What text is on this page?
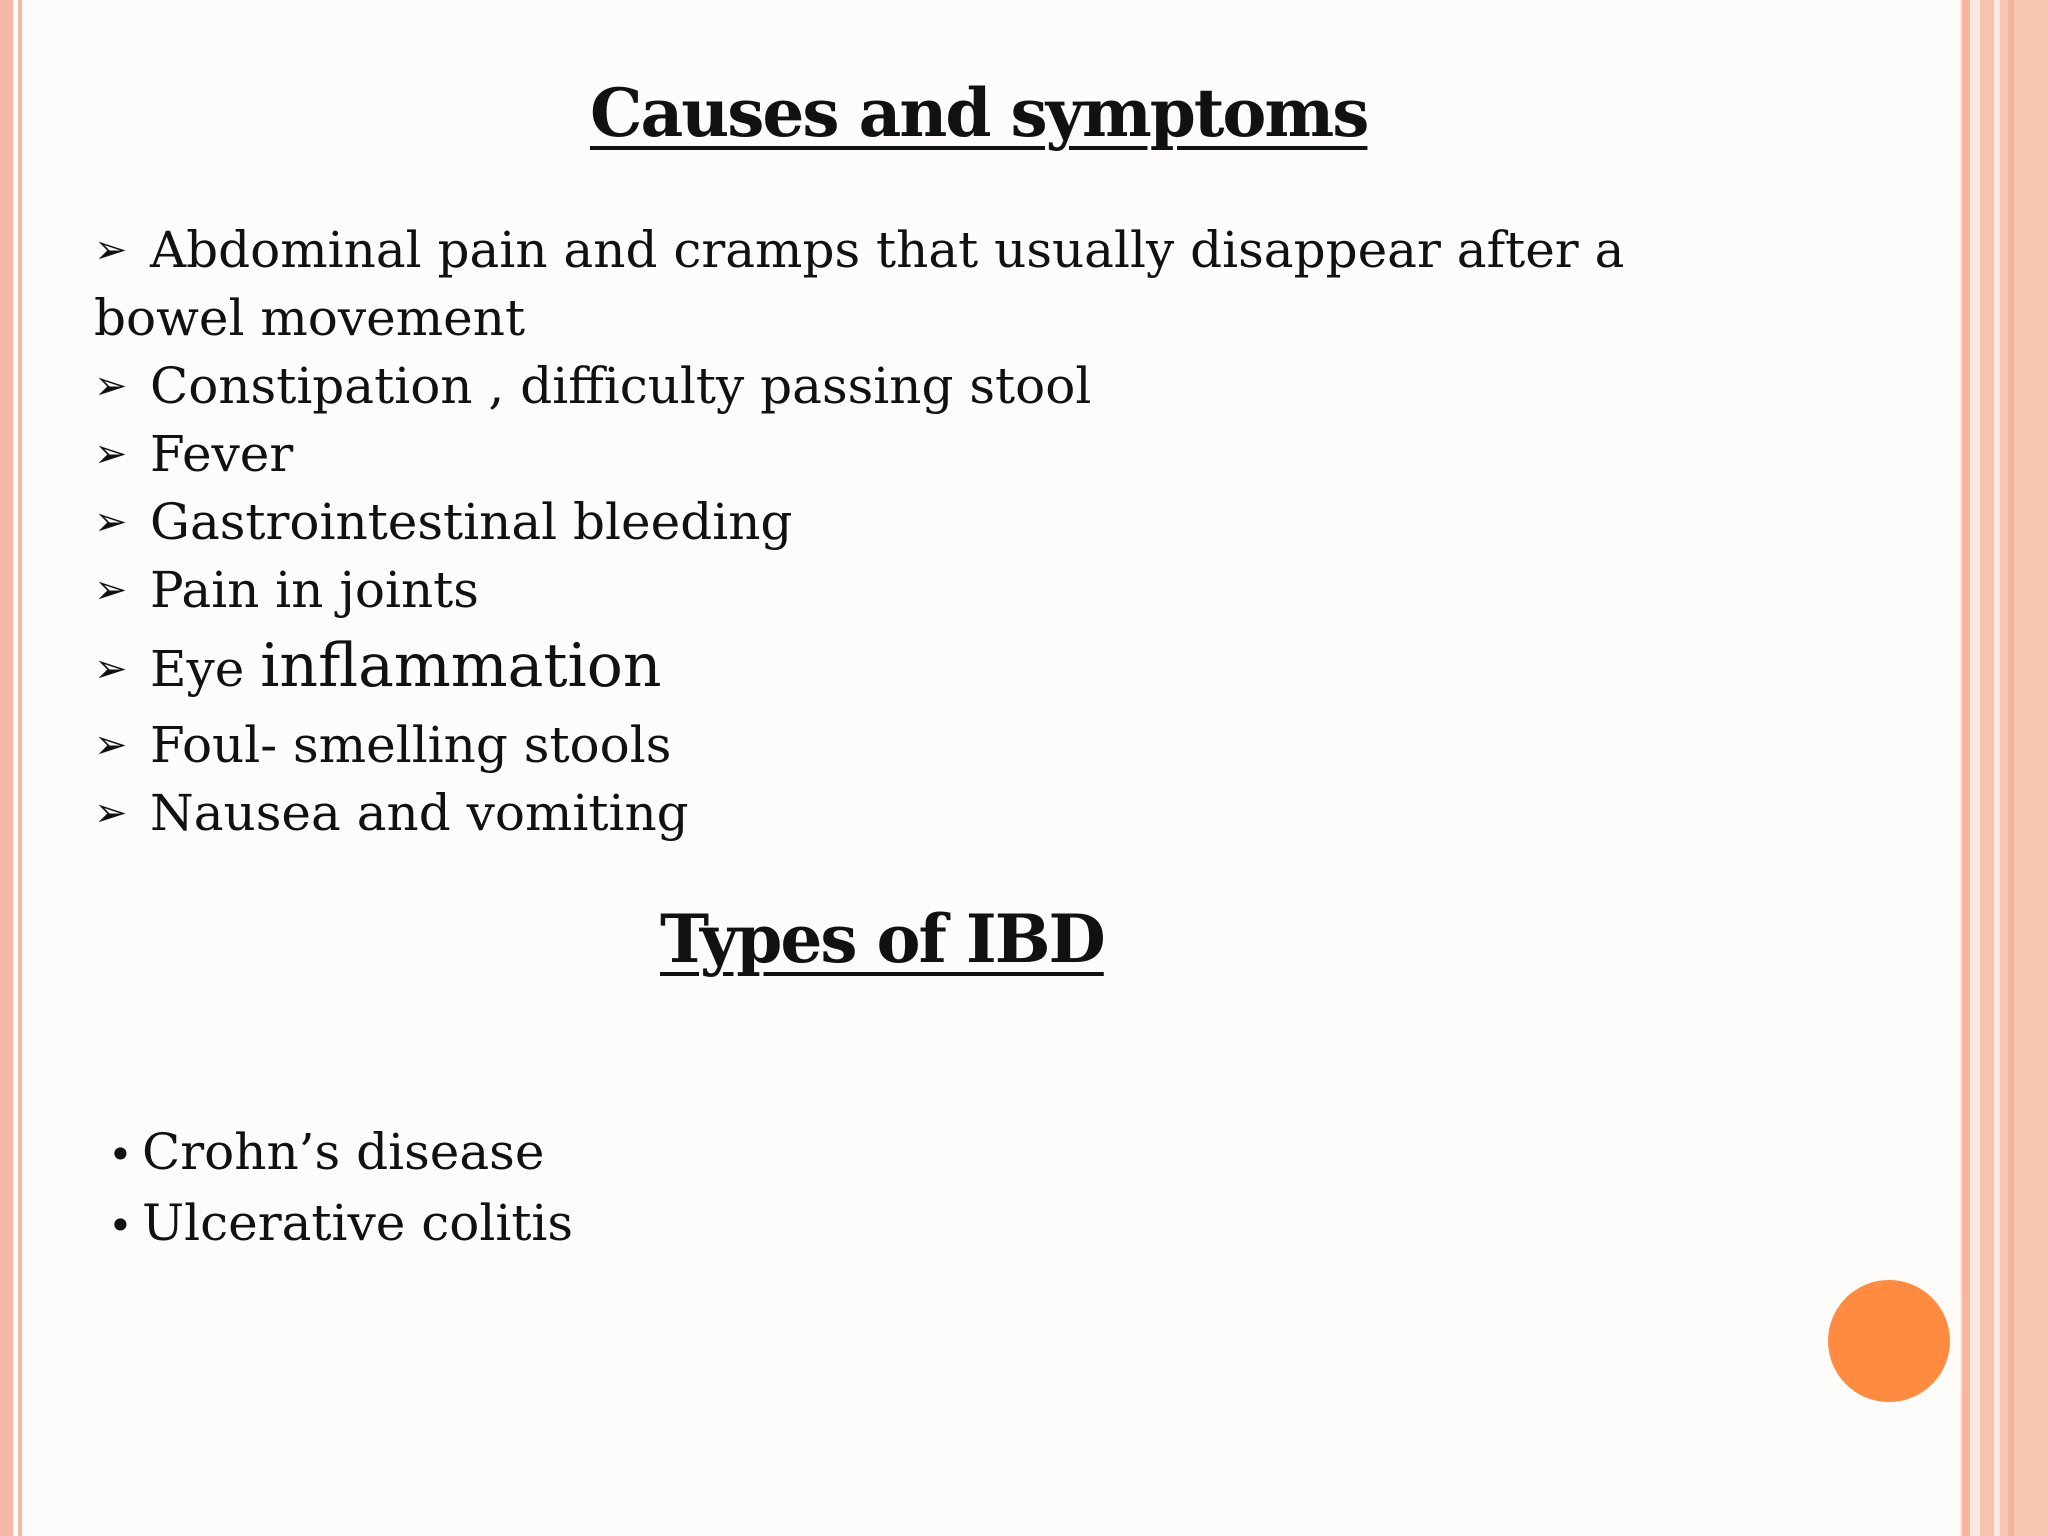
Causes and symptoms
➢ Abdominal pain and cramps that usually disappear after a bowel movement
➢ Constipation , difficulty passing stool
➢ Fever
➢ Gastrointestinal bleeding
➢ Pain in joints
➢ Eye inflammation
➢ Foul- smelling stools
➢ Nausea and vomiting
Types of IBD
• Crohn’s disease
• Ulcerative colitis
